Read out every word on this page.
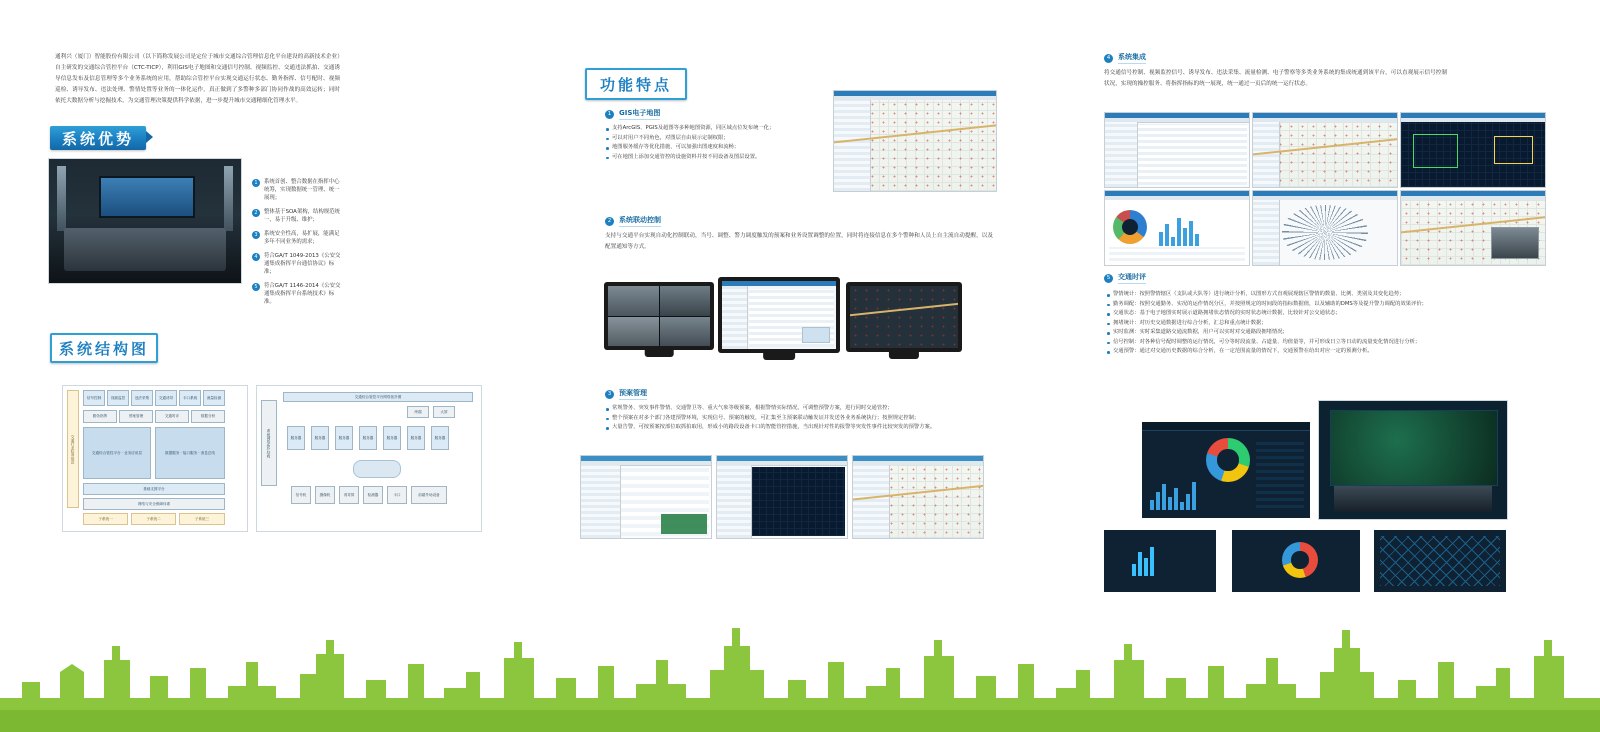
通利兴（厦门）智能股份有限公司（以下简称发展公司是定位于城市交通综合管理信息化平台建设的高新技术企业）自主研发的交通综合管控平台（CTC-TICP），利用GIS电子地图和交通信号控制、视频监控、交通违法抓拍、交通诱导信息发布及信息管理等多个业务系统的应用，帮助综合管控平台实现交通运行状态、勤务指挥、信号配时、视频巡检、诱导发布、违法处理、警情处置等业务的一体化运作，真正做到了多警种多部门协同作战的高效运转；同时依托大数据分析与挖掘技术，为交通管理决策提供科学依据，进一步提升城市交通精细化管理水平。
系统优势
1	系统首创、整合数据在指挥中心统筹，实现数据统一管理、统一展现；
2	整体基于SOA架构，结构规范统一，易于升级、维护；
3	系统安全性高，易扩展，能满足多年不同业务的需求；
4	符合GA/T 1049-2013《公安交通集成指挥平台通信协议》标准；
5	符合GA/T 1146-2014《公安交通集成指挥平台系统技术》标准。
系统结构图
交通行业标准规范
信号控制	视频监控	违法采集	交通诱导	卡口系统	流量检测
勤务指挥	预案管理	交通时评	数据分析
交通综合管控平台 · 业务应用层	数据服务 · 接口服务 · 消息总线
基础支撑平台
网络与安全保障体系
子系统一	子系统二	子系统三
系统网络拓扑结构
交通综合管控平台网络拓扑图
终端	大屏
服务器	服务器	服务器	服务器	服务器	服务器	服务器
信号机	摄像机	诱导屏	检测器	卡口	前端外场设备
功能特点
1	GIS电子地图
支持ArcGIS、PGIS及超图等多种地图资源，同区域点位发布统一化；
可以对用户不同角色，对图层自由展示定制权限；
地图服务缓存等优化措施，可以加强出图速度和流畅；
可在地图上添加交通管控的设施资料并按不同设备及图层设置。
2	系统联动控制
支持与交通平台实现自动化控制联动，当号、调整、警力调度触发的预案和业务设置调整的位置，同时将连接信息在多个警种和人员上自主流自动提醒，以及配置通知等方式。
3	预案管理
常规警务、突发事件警情、交通警卫等、重大气象等级预案，根据警情实际情况，可调整预警方案，进行同时交通管控；
整个预案在对多个部门各建预警环境，实现信号、预案的触发，可汇集至主预案联动触发证并发送各业务系统执行；按照规定控制；
大量告警，可按预案按部位取抓拍取用，形成小的路段设备卡口的智能管控措施，当出现针对性的报警等突发性事件比较突发的预警方案。
4	系统集成
将交通信号控制、视频监控信号、诱导发布、违法采集、流量检测、电子警察等多类业务系统的集成统通到该平台，可以直观展示信号控制状况，实现的操控服务、将指挥指标的统一展现，统一通过一页后的统一运行状态。
5	交通时评
警情统计：按照警情辖区（支队或大队等）进行统计分析，以图形方式直观展现辖区警情的数量、比例、类别及其变化趋势；
勤务调配：按照交通勤务、实况的运作情况分区，并按照规定的时间段的指标数据值，以及辅助的DMS等及提升警力调配的效果评价；
交通状态：基于电子地图实时展示道路拥堵状态情况的实时状态统计数据，比较针对公交通状态；
拥堵统计：对历史交通数据进行综合分析，汇总和重点统计数据；
实时监测：实时采集道路交通流数据，用户可以实时对交通路段拥堵情况；
信号控制：对各种信号配时调整的运行情况，可分等时段流量、占道量、均值量等，并可形成日立等日动的流量变化情况进行分析；
交通预警：通过对交通历史数据的综合分析，在一定范围流量的情况下，交通预警在给出对应一定的预测分析。
